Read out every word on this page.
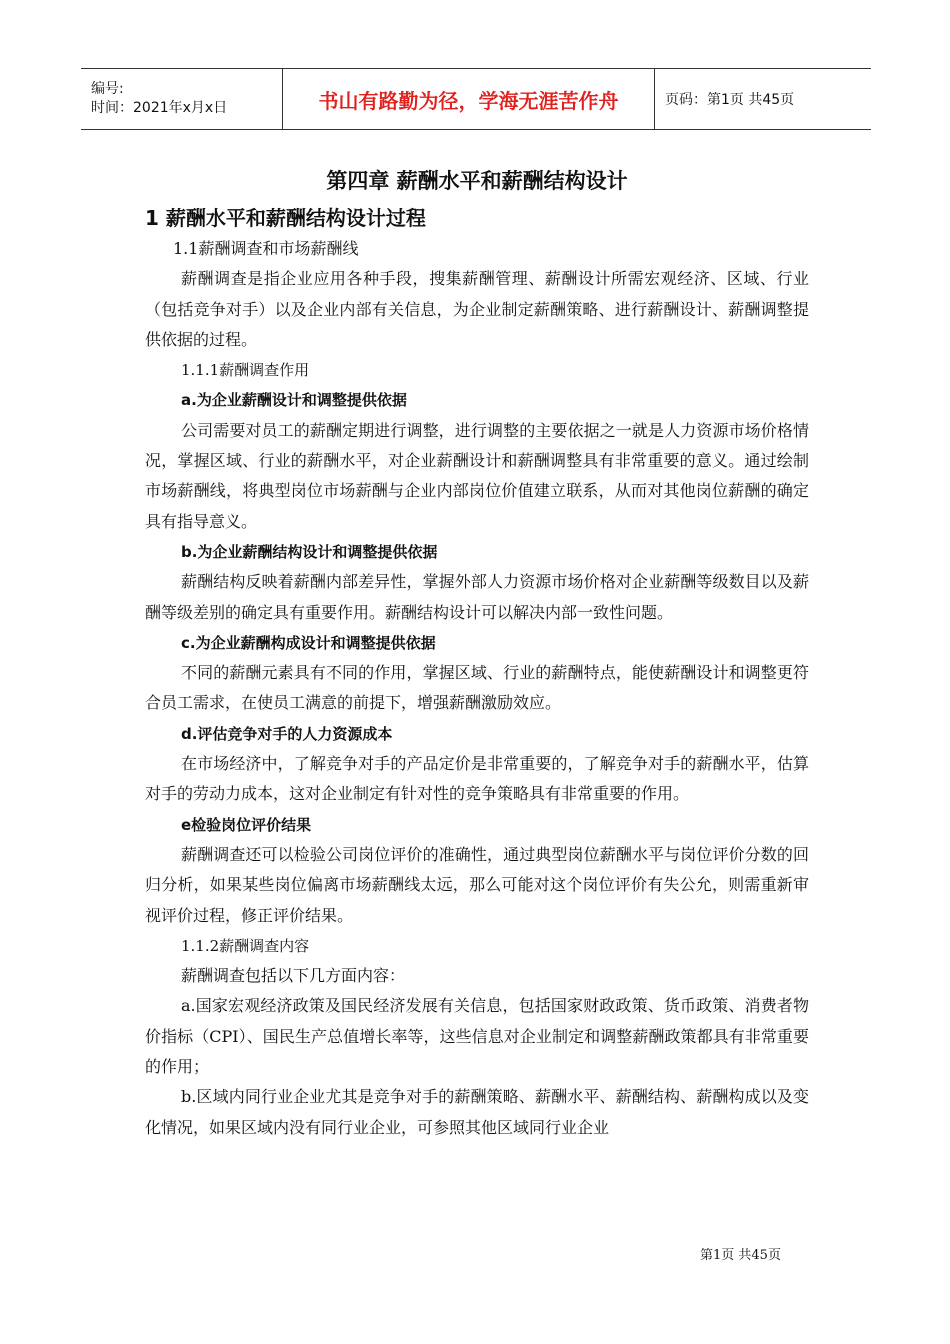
编号:
时间：2021年x月x日	书山有路勤为径，学海无涯苦作舟	页码：第1页 共45页
第四章 薪酬水平和薪酬结构设计
1 薪酬水平和薪酬结构设计过程

1.1薪酬调查和市场薪酬线

薪酬调查是指企业应用各种手段，搜集薪酬管理、薪酬设计所需宏观经济、区域、行业（包括竞争对手）以及企业内部有关信息，为企业制定薪酬策略、进行薪酬设计、薪酬调整提供依据的过程。

1.1.1薪酬调查作用

a.为企业薪酬设计和调整提供依据

公司需要对员工的薪酬定期进行调整，进行调整的主要依据之一就是人力资源市场价格情况，掌握区域、行业的薪酬水平，对企业薪酬设计和薪酬调整具有非常重要的意义。通过绘制市场薪酬线，将典型岗位市场薪酬与企业内部岗位价值建立联系，从而对其他岗位薪酬的确定具有指导意义。

b.为企业薪酬结构设计和调整提供依据

薪酬结构反映着薪酬内部差异性，掌握外部人力资源市场价格对企业薪酬等级数目以及薪酬等级差别的确定具有重要作用。薪酬结构设计可以解决内部一致性问题。

c.为企业薪酬构成设计和调整提供依据

不同的薪酬元素具有不同的作用，掌握区域、行业的薪酬特点，能使薪酬设计和调整更符合员工需求，在使员工满意的前提下，增强薪酬激励效应。

d.评估竞争对手的人力资源成本

在市场经济中，了解竞争对手的产品定价是非常重要的，了解竞争对手的薪酬水平，估算对手的劳动力成本，这对企业制定有针对性的竞争策略具有非常重要的作用。

e检验岗位评价结果

薪酬调查还可以检验公司岗位评价的准确性，通过典型岗位薪酬水平与岗位评价分数的回归分析，如果某些岗位偏离市场薪酬线太远，那么可能对这个岗位评价有失公允，则需重新审视评价过程，修正评价结果。

1.1.2薪酬调查内容

薪酬调查包括以下几方面内容：

a.国家宏观经济政策及国民经济发展有关信息，包括国家财政政策、货币政策、消费者物价指标（CPI）、国民生产总值增长率等，这些信息对企业制定和调整薪酬政策都具有非常重要的作用；

b.区域内同行业企业尤其是竞争对手的薪酬策略、薪酬水平、薪酬结构、薪酬构成以及变化情况，如果区域内没有同行业企业，可参照其他区域同行业企业

第1页 共45页
